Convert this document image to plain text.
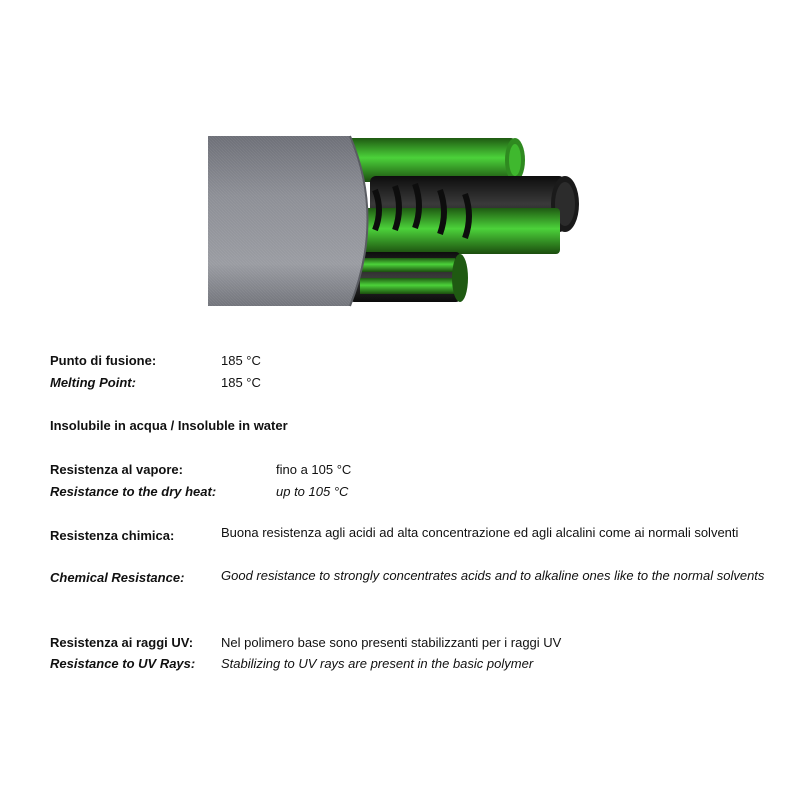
Punto di fusione:	185 °C
Melting Point:	185 °C
Insolubile in acqua / Insoluble in water
Resistenza al vapore:	fino a 105 °C
Resistance to the dry heat:	up to 105 °C
Resistenza chimica:	Buona resistenza agli acidi ad alta concentrazione ed agli alcalini come ai normali solventi
Chemical Resistance:	Good resistance to strongly concentrates acids and to alkaline ones like to the normal solvents
Resistenza ai raggi UV: Nel polimero base sono presenti stabilizzanti per i raggi UV
Resistance to UV Rays: Stabilizing to UV rays are present in the basic polymer
